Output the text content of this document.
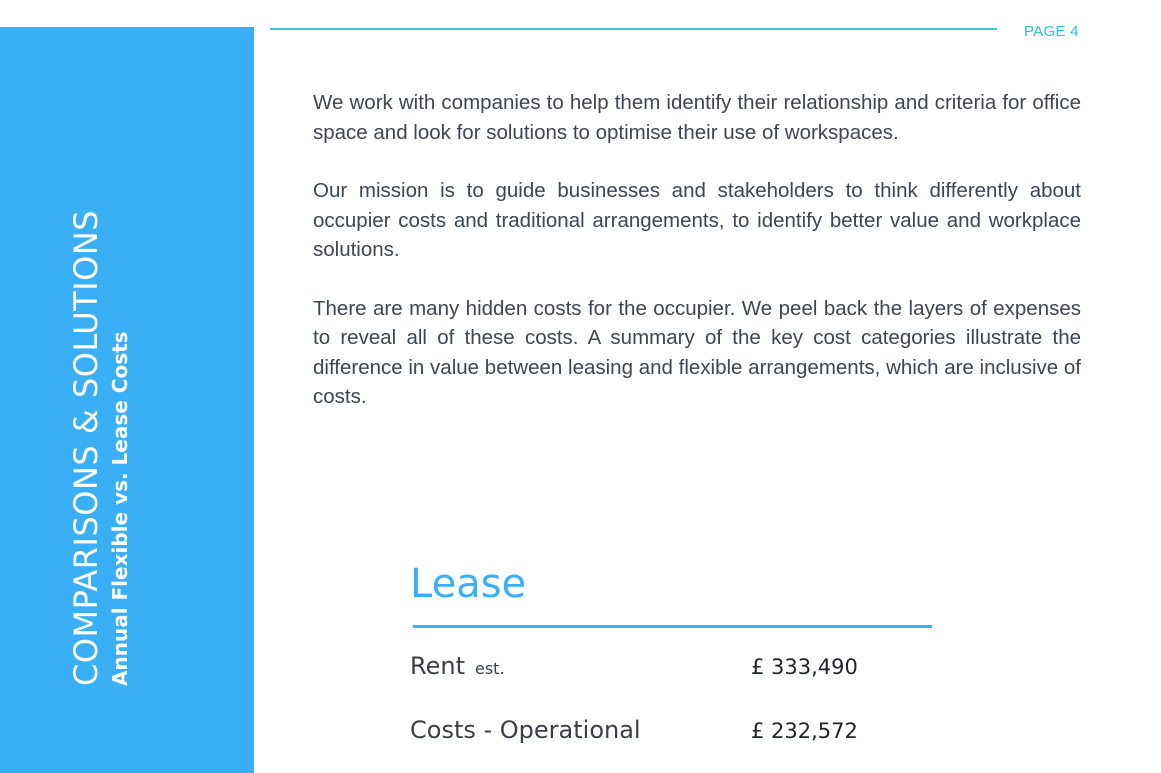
COMPARISONS & SOLUTIONS Annual Flexible vs. Lease Costs
PAGE 4

We work with companies to help them identify their relationship and criteria for office space and look for solutions to optimise their use of workspaces.

Our mission is to guide businesses and stakeholders to think differently about occupier costs and traditional arrangements, to identify better value and workplace solutions.

There are many hidden costs for the occupier. We peel back the layers of expenses to reveal all of these costs. A summary of the key cost categories illustrate the difference in value between leasing and flexible arrangements, which are inclusive of costs.

Lease
Rent est.	£ 333,490
Costs - Operational	£ 232,572
